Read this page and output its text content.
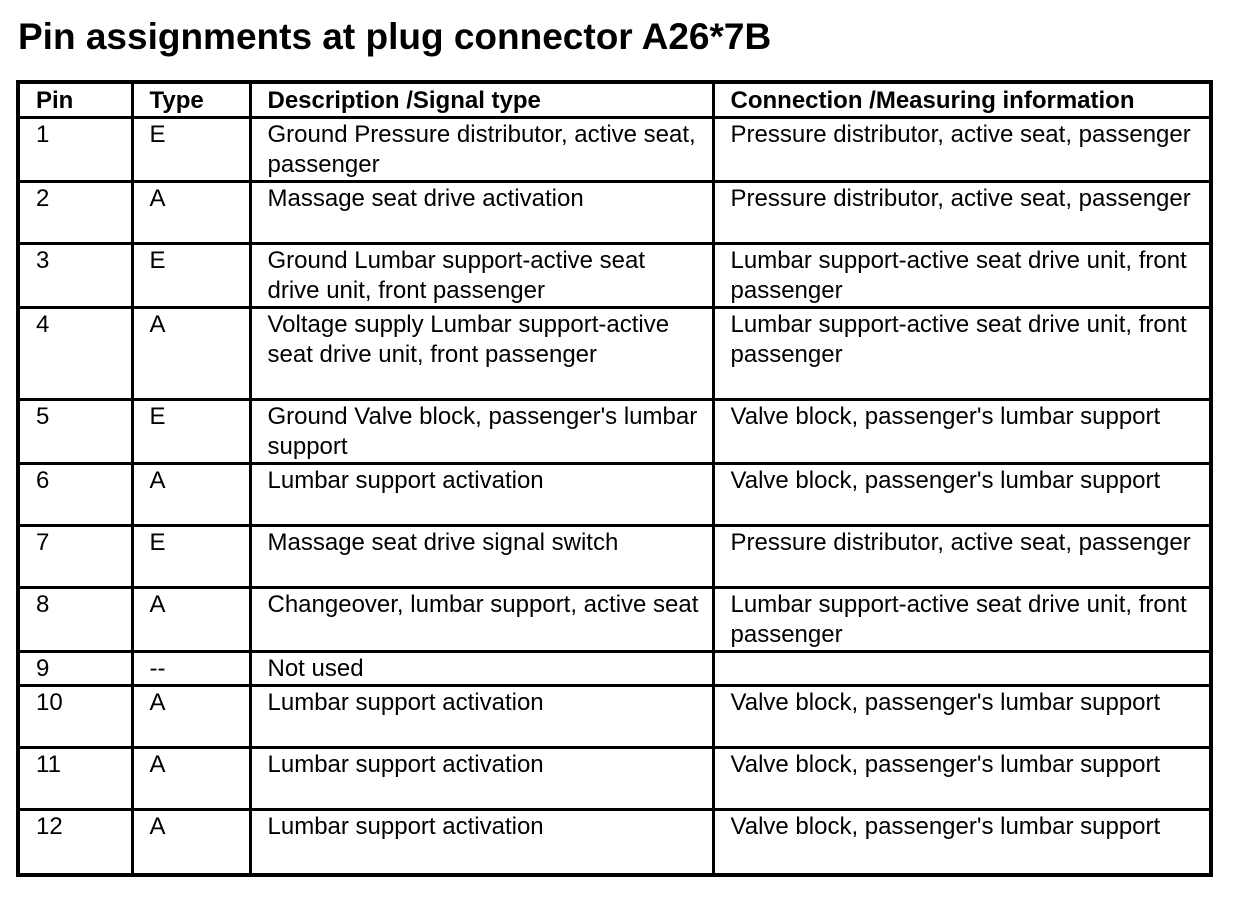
Pin assignments at plug connector A26*7B
Pin	Type	Description /Signal type	Connection /Measuring information
1	E	Ground Pressure distributor, active seat, passenger	Pressure distributor, active seat, passenger
2	A	Massage seat drive activation	Pressure distributor, active seat, passenger
3	E	Ground Lumbar support-active seat drive unit, front passenger	Lumbar support-active seat drive unit, front passenger
4	A	Voltage supply Lumbar support-active seat drive unit, front passenger	Lumbar support-active seat drive unit, front passenger
5	E	Ground Valve block, passenger's lumbar support	Valve block, passenger's lumbar support
6	A	Lumbar support activation	Valve block, passenger's lumbar support
7	E	Massage seat drive signal switch	Pressure distributor, active seat, passenger
8	A	Changeover, lumbar support, active seat	Lumbar support-active seat drive unit, front passenger
9	--	Not used	
10	A	Lumbar support activation	Valve block, passenger's lumbar support
11	A	Lumbar support activation	Valve block, passenger's lumbar support
12	A	Lumbar support activation	Valve block, passenger's lumbar support
